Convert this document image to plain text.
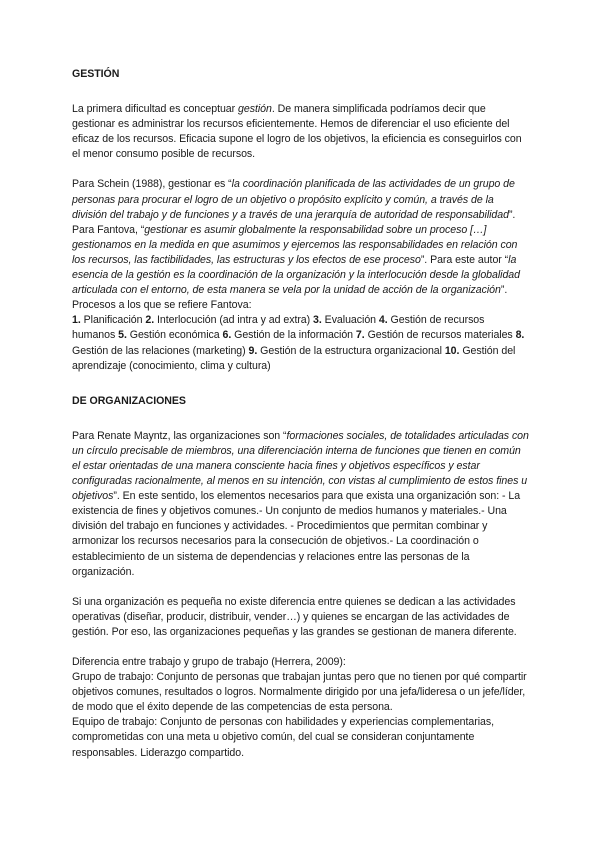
GESTIÓN

La primera dificultad es conceptuar gestión. De manera simplificada podríamos decir que gestionar es administrar los recursos eficientemente. Hemos de diferenciar el uso eficiente del eficaz de los recursos. Eficacia supone el logro de los objetivos, la eficiencia es conseguirlos con el menor consumo posible de recursos.

Para Schein (1988), gestionar es “la coordinación planificada de las actividades de un grupo de personas para procurar el logro de un objetivo o propósito explícito y común, a través de la división del trabajo y de funciones y a través de una jerarquía de autoridad de responsabilidad”.

Para Fantova, “gestionar es asumir globalmente la responsabilidad sobre un proceso […] gestionamos en la medida en que asumimos y ejercemos las responsabilidades en relación con los recursos, las factibilidades, las estructuras y los efectos de ese proceso”. Para este autor “la esencia de la gestión es la coordinación de la organización y la interlocución desde la globalidad articulada con el entorno, de esta manera se vela por la unidad de acción de la organización”. Procesos a los que se refiere Fantova:

1. Planificación 2. Interlocución (ad intra y ad extra) 3. Evaluación 4. Gestión de recursos humanos 5. Gestión económica 6. Gestión de la información 7. Gestión de recursos materiales 8. Gestión de las relaciones (marketing) 9. Gestión de la estructura organizacional 10. Gestión del aprendizaje (conocimiento, clima y cultura)

DE ORGANIZACIONES

Para Renate Mayntz, las organizaciones son “formaciones sociales, de totalidades articuladas con un círculo precisable de miembros, una diferenciación interna de funciones que tienen en común el estar orientadas de una manera consciente hacia fines y objetivos específicos y estar configuradas racionalmente, al menos en su intención, con vistas al cumplimiento de estos fines u objetivos”. En este sentido, los elementos necesarios para que exista una organización son: - La existencia de fines y objetivos comunes.- Un conjunto de medios humanos y materiales.- Una división del trabajo en funciones y actividades. - Procedimientos que permitan combinar y armonizar los recursos necesarios para la consecución de objetivos.- La coordinación o establecimiento de un sistema de dependencias y relaciones entre las personas de la organización.

Si una organización es pequeña no existe diferencia entre quienes se dedican a las actividades operativas (diseñar, producir, distribuir, vender…) y quienes se encargan de las actividades de gestión. Por eso, las organizaciones pequeñas y las grandes se gestionan de manera diferente.

Diferencia entre trabajo y grupo de trabajo (Herrera, 2009):

Grupo de trabajo: Conjunto de personas que trabajan juntas pero que no tienen por qué compartir objetivos comunes, resultados o logros. Normalmente dirigido por una jefa/lideresa o un jefe/líder, de modo que el éxito depende de las competencias de esta persona.

Equipo de trabajo: Conjunto de personas con habilidades y experiencias complementarias, comprometidas con una meta u objetivo común, del cual se consideran conjuntamente responsables. Liderazgo compartido.
